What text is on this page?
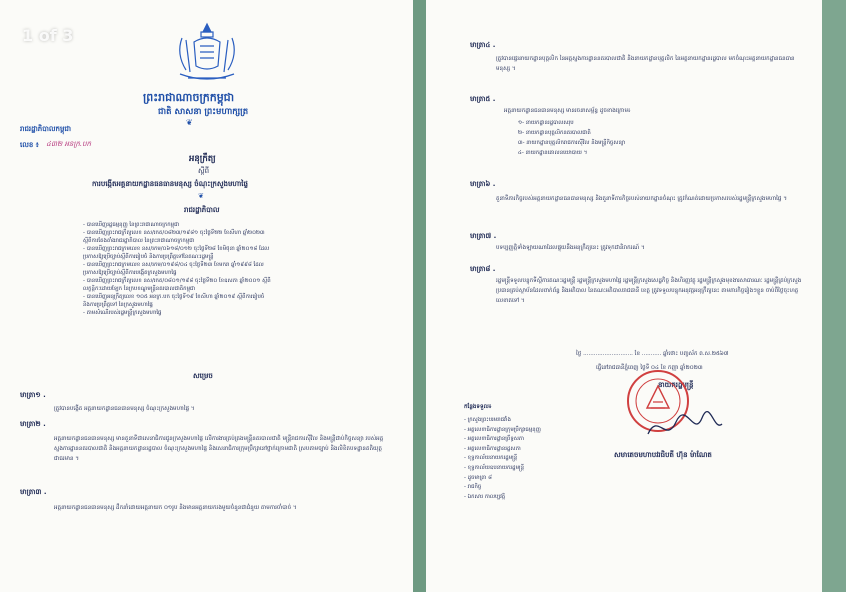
1 of 3
ព្រះរាជាណាចក្រកម្ពុជា
ជាតិ សាសនា ព្រះមហាក្សត្រ
❦
រាជរដ្ឋាភិបាលកម្ពុជា
លេខ ៖ ៤៣២ អនក្រ.បក
អនុក្រឹត្យ
ស្តីពី
ការបង្កើតអគ្គនាយកដ្ឋានធនធានមនុស្ស ចំណុះក្រសួងមហាផ្ទៃ
❦
រាជរដ្ឋាភិបាល
- បានឃើញរដ្ឋធម្មនុញ្ញ នៃព្រះរាជាណាចក្រកម្ពុជា
- បានឃើញព្រះរាជក្រឹត្យលេខ នស/រកត/០៨២៣/១៩៨១ ចុះថ្ងៃទី២២ ខែសីហា ឆ្នាំ២០២៣
ស្តីពីការតែងតាំងរាជរដ្ឋាភិបាល នៃព្រះរាជាណាចក្រកម្ពុជា
- បានឃើញព្រះរាជក្រមលេខ នស/រកម/០៦១៨/០១២ ចុះថ្ងៃទី២៨ ខែមិថុនា ឆ្នាំ២០១៨ ដែល
ប្រកាសឱ្យប្រើច្បាប់ស្តីពីការរៀបចំ និងការប្រព្រឹត្តទៅនៃគណៈរដ្ឋមន្ត្រី
- បានឃើញព្រះរាជក្រមលេខ នស/រកម/០១៩៨/០៤ ចុះថ្ងៃទី២៣ ខែមករា ឆ្នាំ១៩៩៨ ដែល
ប្រកាសឱ្យប្រើច្បាប់ស្តីពីការបង្កើតក្រសួងមហាផ្ទៃ
- បានឃើញព្រះរាជក្រឹត្យលេខ នស/រកត/០៨០១/១៩៨ ចុះថ្ងៃទី២០ ខែឧសភា ឆ្នាំ២០០១ ស្តីពី
លក្ខន្តិកៈដោយឡែក នៃក្របខណ្ឌមន្ត្រីនគរបាលជាតិកម្ពុជា
- បានឃើញអនុក្រឹត្យលេខ ១០៥ អនក្រ.បក ចុះថ្ងៃទី១៩ ខែសីហា ឆ្នាំ២០១៩ ស្តីពីការរៀបចំ
និងការប្រព្រឹត្តទៅ នៃក្រសួងមហាផ្ទៃ
- តាមសំណើរបស់រដ្ឋមន្ត្រីក្រសួងមហាផ្ទៃ
សម្រេច
មាត្រា១ .
ត្រូវបានបង្កើត អគ្គនាយកដ្ឋានធនធានមនុស្ស ចំណុះក្រសួងមហាផ្ទៃ ។
មាត្រា២ .
អគ្គនាយកដ្ឋានធនធានមនុស្ស មានតួនាទីជាសេនាធិការជូនក្រសួងមហាផ្ទៃ លើការងារគ្រប់គ្រងមន្ត្រីនគរបាលជាតិ មន្ត្រីរាជការស៊ីវិល និងមន្ត្រីជាប់កិច្ចសន្យា របស់អគ្គស្នងការដ្ឋាននគរបាលជាតិ និងអគ្គនាយកដ្ឋានរដ្ឋបាល ចំណុះក្រសួងមហាផ្ទៃ និងសេនាធិការក្រុមប្រឹក្សានៅថ្នាក់ក្រោមជាតិ ស្របតាមច្បាប់ និងលិខិតបទដ្ឋានគតិយុត្តជាធរមាន ។
មាត្រា៣ .
អគ្គនាយកដ្ឋានធនធានមនុស្ស ដឹកនាំដោយអគ្គនាយក ០១រូប និងមានអគ្គនាយករងមួយចំនួនជាជំនួយ តាមការចាំបាច់ ។
មាត្រា៤ .
ត្រូវបានផ្ទេរនាយកដ្ឋានបុគ្គលិក នៃអគ្គស្នងការដ្ឋាននគរបាលជាតិ និងនាយកដ្ឋានបុគ្គលិក នៃអគ្គនាយកដ្ឋានរដ្ឋបាល មកចំណុះអគ្គនាយកដ្ឋានធនធានមនុស្ស ។
មាត្រា៥ .
អគ្គនាយកដ្ឋានធនធានមនុស្ស មានរចនាសម្ព័ន្ធ ដូចខាងក្រោម៖
១- នាយកដ្ឋានរដ្ឋបាលសរុប
២- នាយកដ្ឋានបុគ្គលិកនគរបាលជាតិ
៣- នាយកដ្ឋានបុគ្គលិករាជការស៊ីវិល និងមន្ត្រីកិច្ចសន្យា
៤- នាយកដ្ឋានគោលនយោបាយ ។
មាត្រា៦ .
តួនាទីភារកិច្ចរបស់អគ្គនាយកដ្ឋានធនធានមនុស្ស និងតួនាទីភារកិច្ចរបស់នាយកដ្ឋានចំណុះ ត្រូវកំណត់ដោយប្រកាសរបស់រដ្ឋមន្ត្រីក្រសួងមហាផ្ទៃ ។
មាត្រា៧ .
បទប្បញ្ញត្តិទាំងឡាយណាដែលផ្ទុយនឹងអនុក្រឹត្យនេះ ត្រូវទុកជានិរាករណ៍ ។
មាត្រា៨ .
រដ្ឋមន្ត្រីទទួលបន្ទុកទីស្តីការគណៈរដ្ឋមន្ត្រី រដ្ឋមន្ត្រីក្រសួងមហាផ្ទៃ រដ្ឋមន្ត្រីក្រសួងសេដ្ឋកិច្ច និងហិរញ្ញវត្ថុ រដ្ឋមន្ត្រីក្រសួងមុខងារសាធារណៈ រដ្ឋមន្ត្រីគ្រប់ក្រសួង ប្រធានគ្រប់ស្ថាប័នដែលពាក់ព័ន្ធ និងអភិបាល នៃគណៈអភិបាលរាជធានី ខេត្ត ត្រូវទទួលបន្ទុកអនុវត្តអនុក្រឹត្យនេះ តាមភារកិច្ចរៀងៗខ្លួន ចាប់ពីថ្ងៃចុះហត្ថលេខាតទៅ ។
ថ្ងៃ ............................ ខែ ........... ឆ្នាំថោះ បញ្ចស័ក ព.ស.២៥៦៧
ធ្វើនៅរាជធានីភ្នំពេញ ថ្ងៃទី ០៤ ខែ កញ្ញា ឆ្នាំ២០២៣
នាយករដ្ឋមន្ត្រី
សមាតេចមហាបវរធិបតី ហ៊ុន ម៉ាណែត
កន្លែងទទួល៖
- ក្រសួងព្រះបរមរាជវាំង
- អគ្គលេខាធិការដ្ឋានក្រុមប្រឹក្សាធម្មនុញ្ញ
- អគ្គលេខាធិការដ្ឋានព្រឹទ្ធសភា
- អគ្គលេខាធិការដ្ឋានរដ្ឋសភា
- ខុទ្ទកាល័យនាយករដ្ឋមន្ត្រី
- ខុទ្ទកាល័យឧបនាយករដ្ឋមន្ត្រី
- ដូចមាត្រា ៨
- រាជកិច្ច
- ឯកសារ កាលប្បវត្តិ
